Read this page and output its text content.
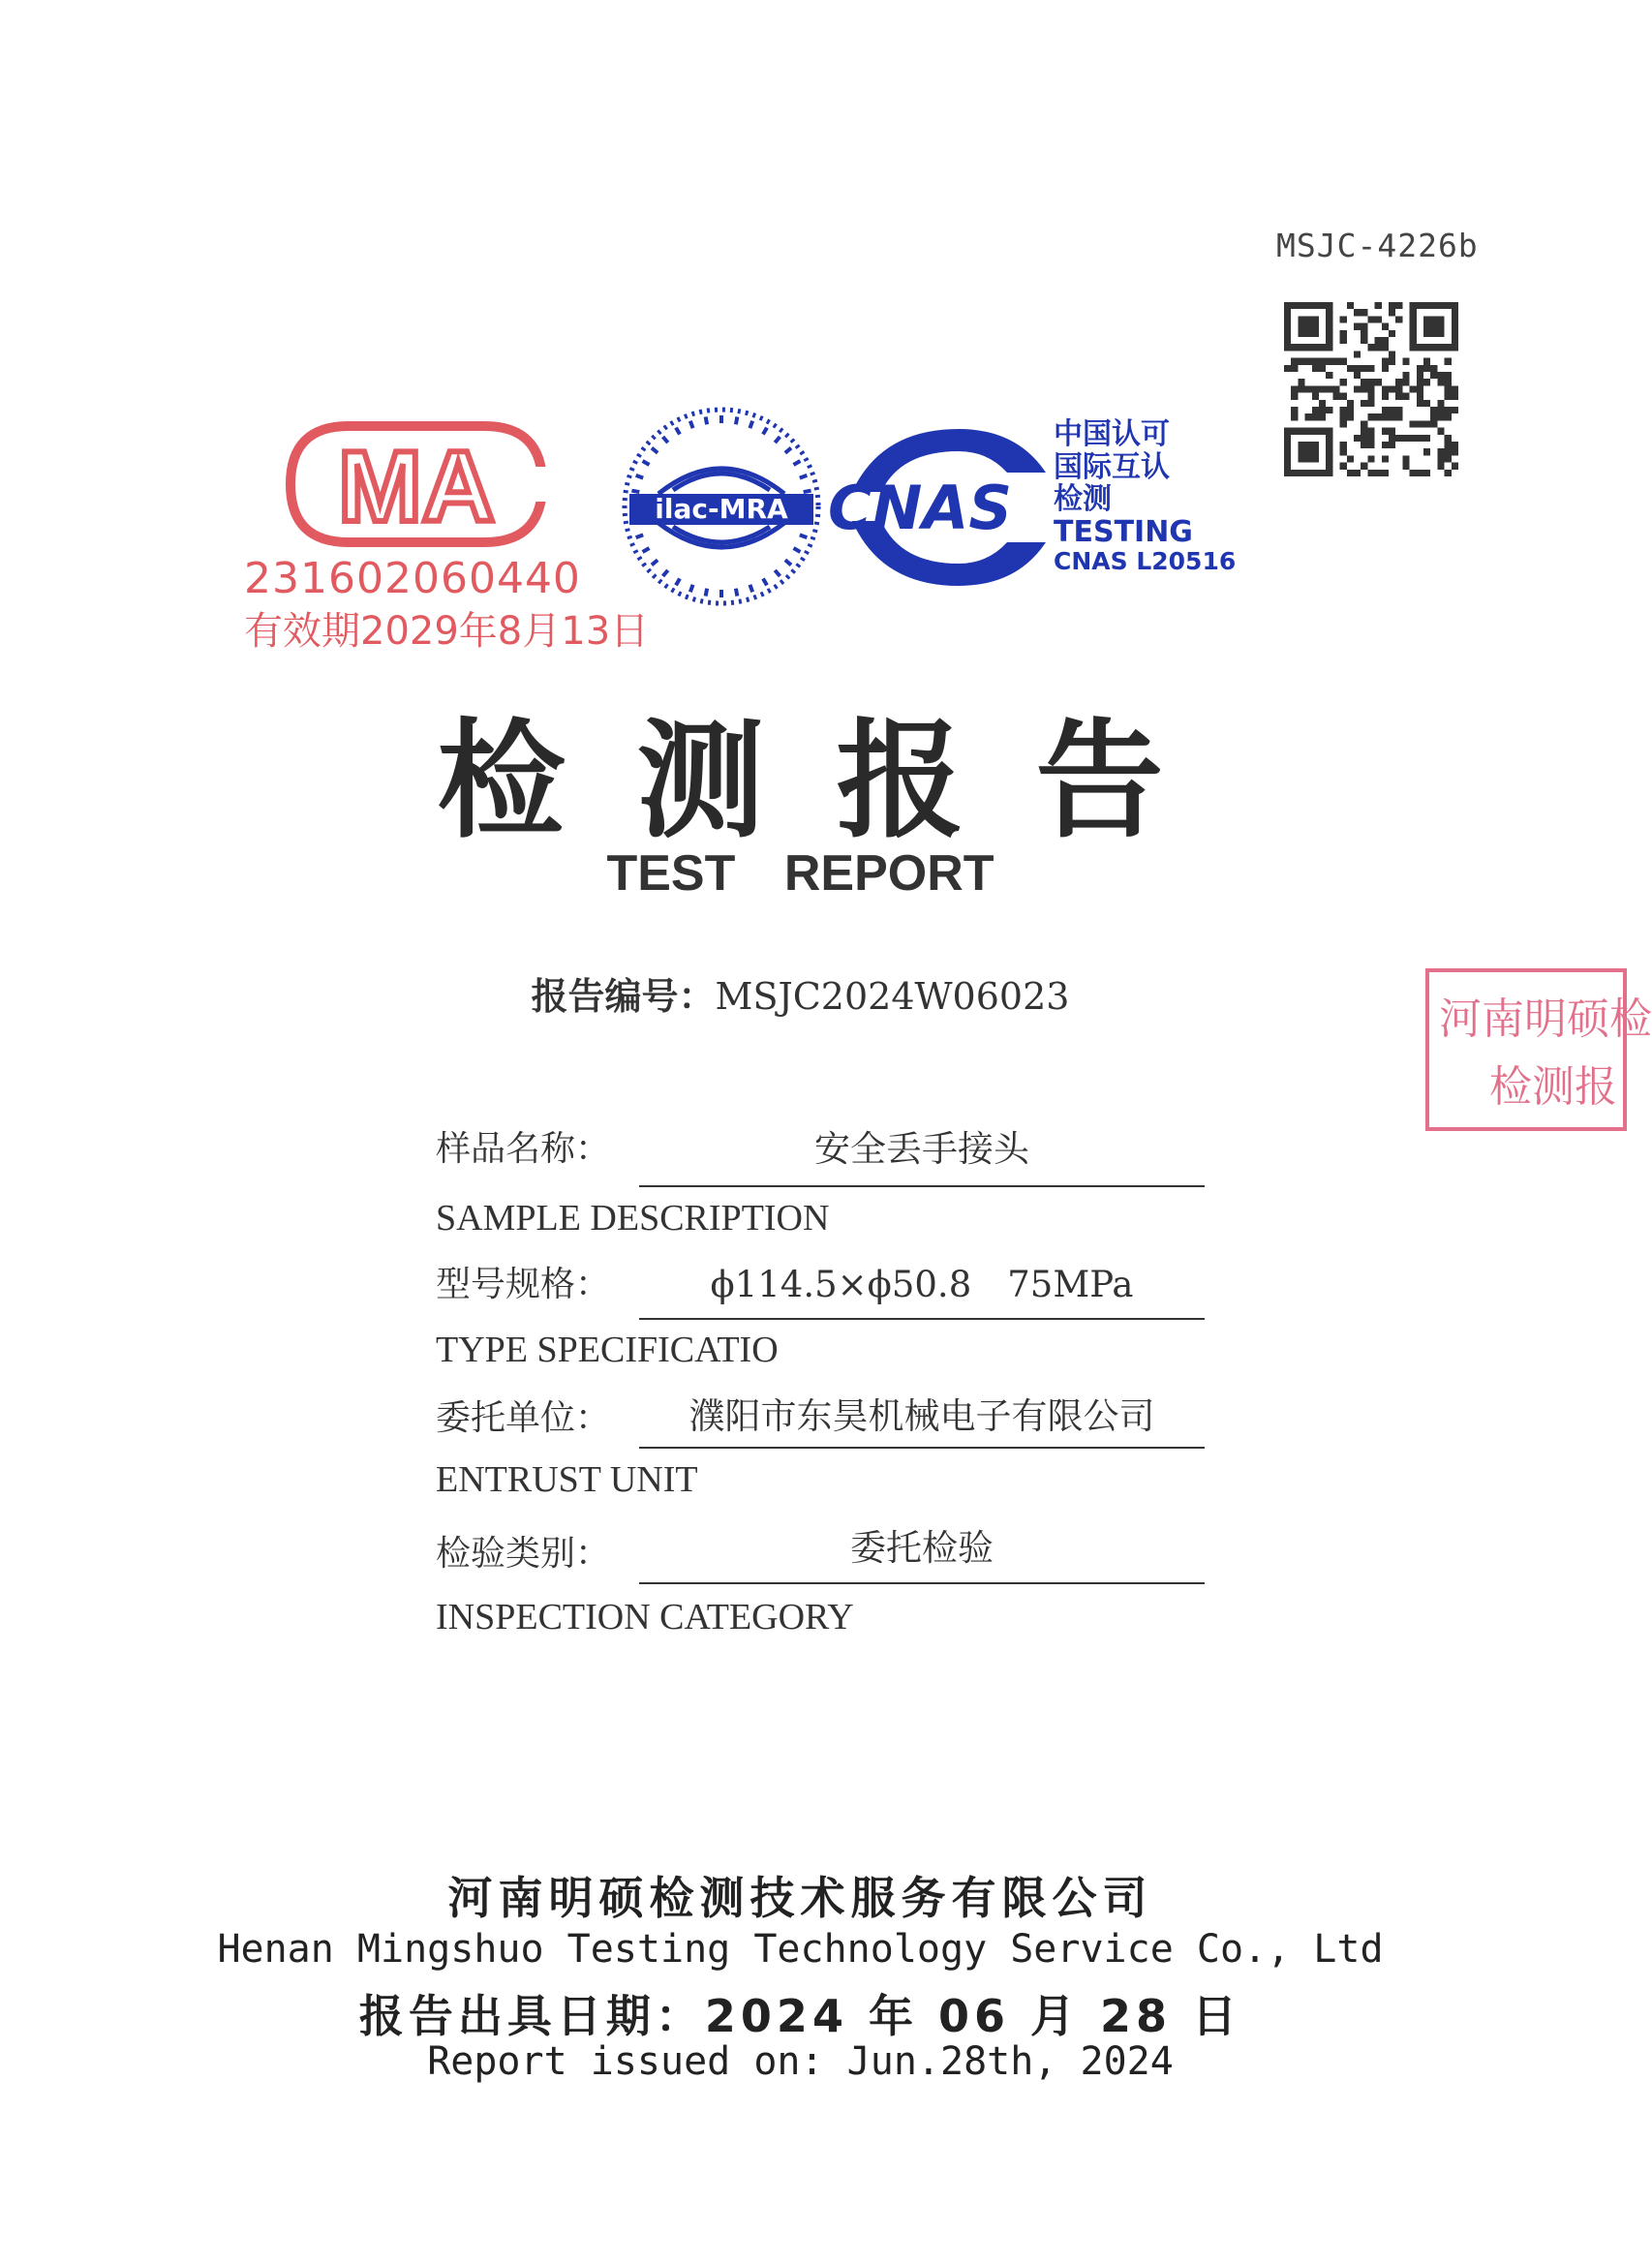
MSJC-4226b
MA
231602060440
有效期2029年8月13日
ilac-MRA CNAS
中国认可
国际互认
检测
TESTING
CNAS L20516
检测报告
TEST REPORT
报告编号：MSJC2024W06023	河南明硕检
检测报
样品名称：	安全丢手接头
SAMPLE DESCRIPTION
型号规格：	ϕ114.5×ϕ50.8　75MPa
TYPE SPECIFICATIO
委托单位：	濮阳市东昊机械电子有限公司
ENTRUST UNIT
检验类别：	委托检验
INSPECTION CATEGORY
河南明硕检测技术服务有限公司
Henan Mingshuo Testing Technology Service Co., Ltd
报告出具日期：2024 年 06 月 28 日
Report issued on: Jun.28th, 2024
